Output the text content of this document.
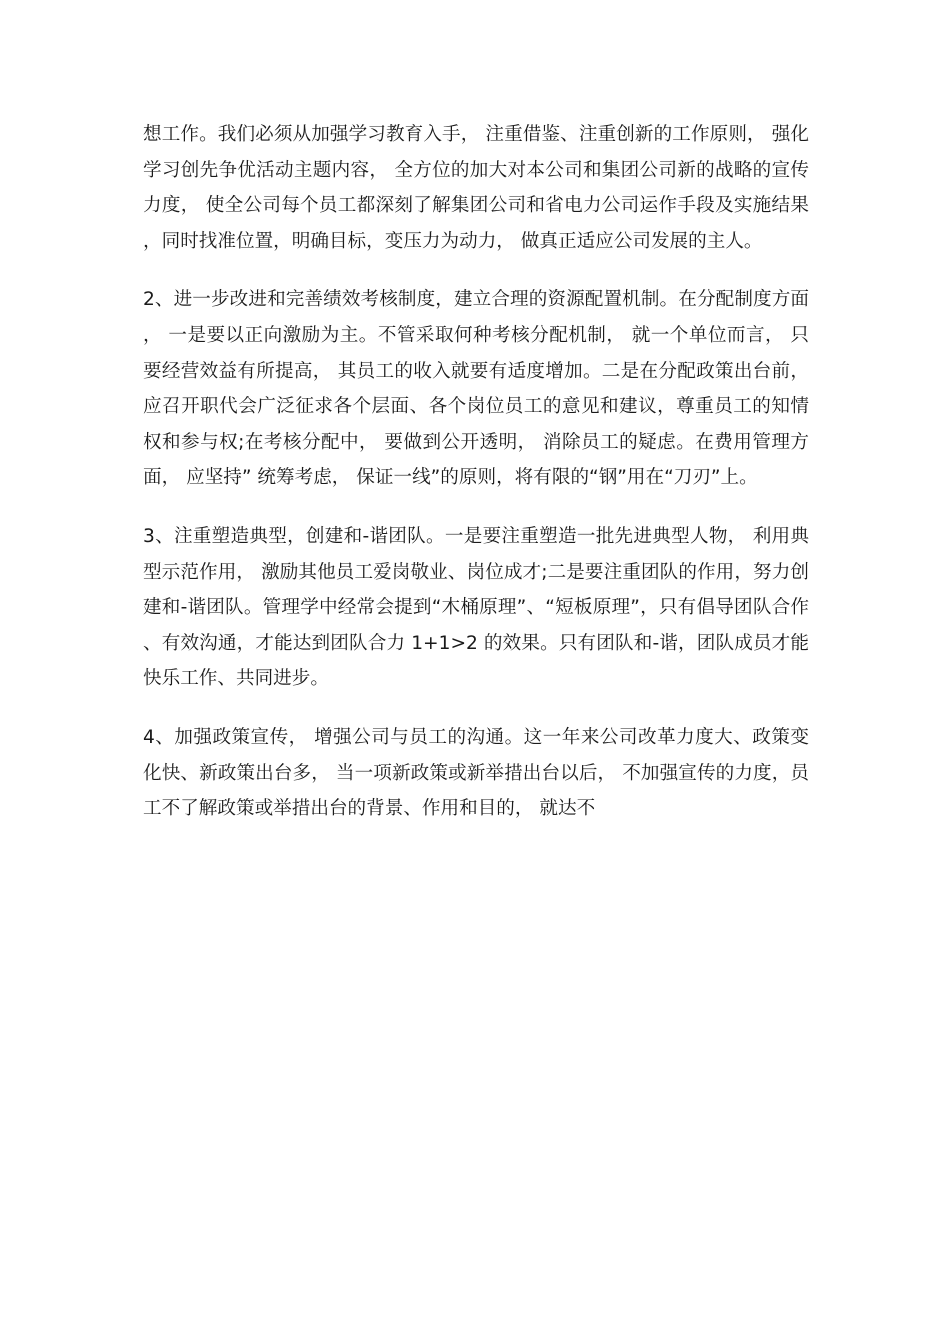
想工作。我们必须从加强学习教育入手， 注重借鉴、注重创新的工作原则， 强化学习创先争优活动主题内容， 全方位的加大对本公司和集团公司新的战略的宣传力度， 使全公司每个员工都深刻了解集团公司和省电力公司运作手段及实施结果，同时找准位置，明确目标，变压力为动力， 做真正适应公司发展的主人。

2、进一步改进和完善绩效考核制度，建立合理的资源配置机制。在分配制度方面， 一是要以正向激励为主。不管采取何种考核分配机制， 就一个单位而言， 只要经营效益有所提高， 其员工的收入就要有适度增加。二是在分配政策出台前， 应召开职代会广泛征求各个层面、各个岗位员工的意见和建议，尊重员工的知情权和参与权;在考核分配中， 要做到公开透明， 消除员工的疑虑。在费用管理方面， 应坚持” 统筹考虑， 保证一线”的原则，将有限的“钢”用在“刀刃”上。

3、注重塑造典型，创建和-谐团队。一是要注重塑造一批先进典型人物， 利用典型示范作用， 激励其他员工爱岗敬业、岗位成才;二是要注重团队的作用，努力创建和-谐团队。管理学中经常会提到“木桶原理”、“短板原理”，只有倡导团队合作、有效沟通，才能达到团队合力 1+1>2 的效果。只有团队和-谐，团队成员才能快乐工作、共同进步。

4、加强政策宣传， 增强公司与员工的沟通。这一年来公司改革力度大、政策变化快、新政策出台多， 当一项新政策或新举措出台以后， 不加强宣传的力度，员工不了解政策或举措出台的背景、作用和目的， 就达不
